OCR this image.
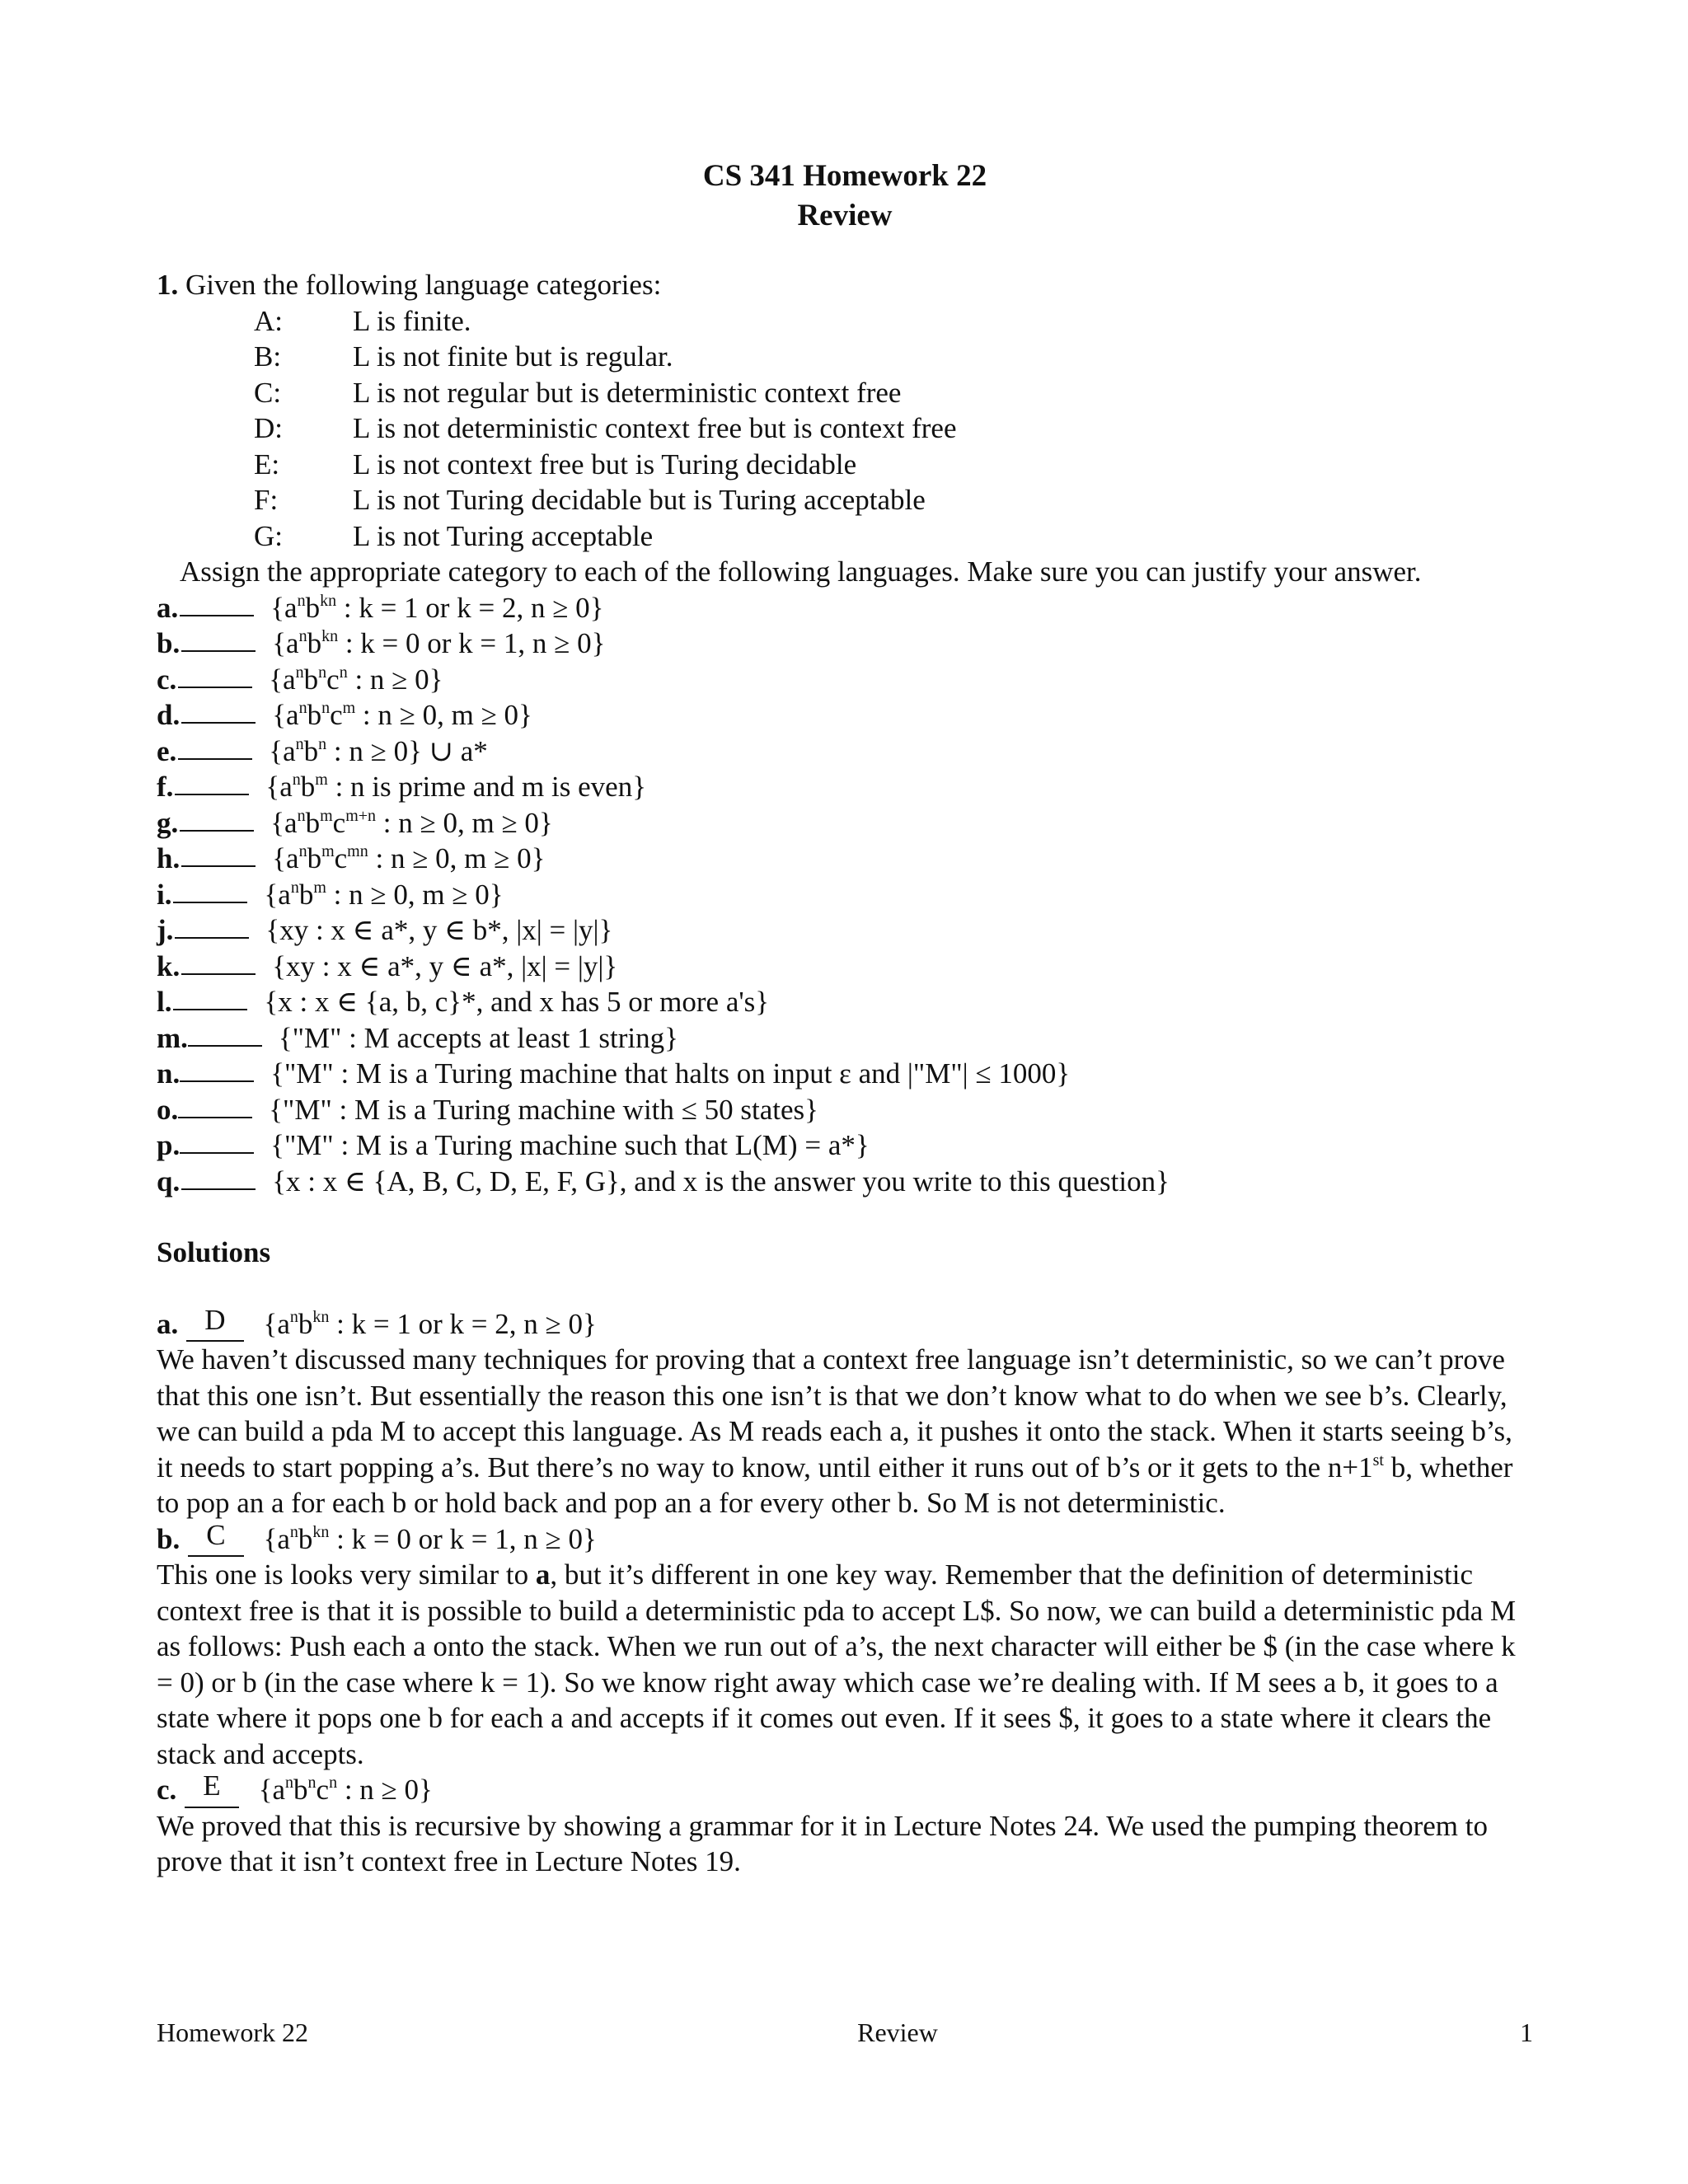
CS 341 Homework 22

Review

1. Given the following language categories:
A:	L is finite.
B:	L is not finite but is regular.
C:	L is not regular but is deterministic context free
D:	L is not deterministic context free but is context free
E:	L is not context free but is Turing decidable
F:	L is not Turing decidable but is Turing acceptable
G:	L is not Turing acceptable
Assign the appropriate category to each of the following languages. Make sure you can justify your answer.
a.	{$a^nb^{kn}$ : k = 1 or k = 2, n ≥ 0}
b.	{$a^nb^{kn}$ : k = 0 or k = 1, n ≥ 0}
c.	{$a^nb^nc^n$ : n ≥ 0}
d.	{$a^nb^nc^m$ : n ≥ 0, m ≥ 0}
e.	{$a^nb^n$ : n ≥ 0} ∪ a*
f.	{$a^nb^m$ : n is prime and m is even}
g.	{$a^nb^mc^{m+n}$ : n ≥ 0, m ≥ 0}
h.	{$a^nb^mc^{mn}$ : n ≥ 0, m ≥ 0}
i.	{$a^nb^m$ : n ≥ 0, m ≥ 0}
j.	{xy : x ∈ a*, y ∈ b*, |x| = |y|}
k.	{xy : x ∈ a*, y ∈ a*, |x| = |y|}
l.	{x : x ∈ {a, b, c}*, and x has 5 or more a's}
m.	{"M" : M accepts at least 1 string}
n.	{"M" : M is a Turing machine that halts on input ε and |"M"| ≤ 1000}
o.	{"M" : M is a Turing machine with ≤ 50 states}
p.	{"M" : M is a Turing machine such that L(M) = a*}
q.	{x : x ∈ {A, B, C, D, E, F, G}, and x is the answer you write to this question}
Solutions
a. D	{$a^nb^{kn}$ : k = 1 or k = 2, n ≥ 0}
We haven’t discussed many techniques for proving that a context free language isn’t deterministic, so we can’t prove that this one isn’t. But essentially the reason this one isn’t is that we don’t know what to do when we see b’s. Clearly, we can build a pda M to accept this language. As M reads each a, it pushes it onto the stack. When it starts seeing b’s, it needs to start popping a’s. But there’s no way to know, until either it runs out of b’s or it gets to the n+1st b, whether to pop an a for each b or hold back and pop an a for every other b. So M is not deterministic.
b. C	{$a^nb^{kn}$ : k = 0 or k = 1, n ≥ 0}
This one is looks very similar to a, but it’s different in one key way. Remember that the definition of deterministic context free is that it is possible to build a deterministic pda to accept L$. So now, we can build a deterministic pda M as follows: Push each a onto the stack. When we run out of a’s, the next character will either be $ (in the case where k = 0) or b (in the case where k = 1). So we know right away which case we’re dealing with. If M sees a b, it goes to a state where it pops one b for each a and accepts if it comes out even. If it sees $, it goes to a state where it clears the stack and accepts.
c. E	{$a^nb^nc^n$ : n ≥ 0}
We proved that this is recursive by showing a grammar for it in Lecture Notes 24. We used the pumping theorem to prove that it isn’t context free in Lecture Notes 19.
Homework 22	Review	1
